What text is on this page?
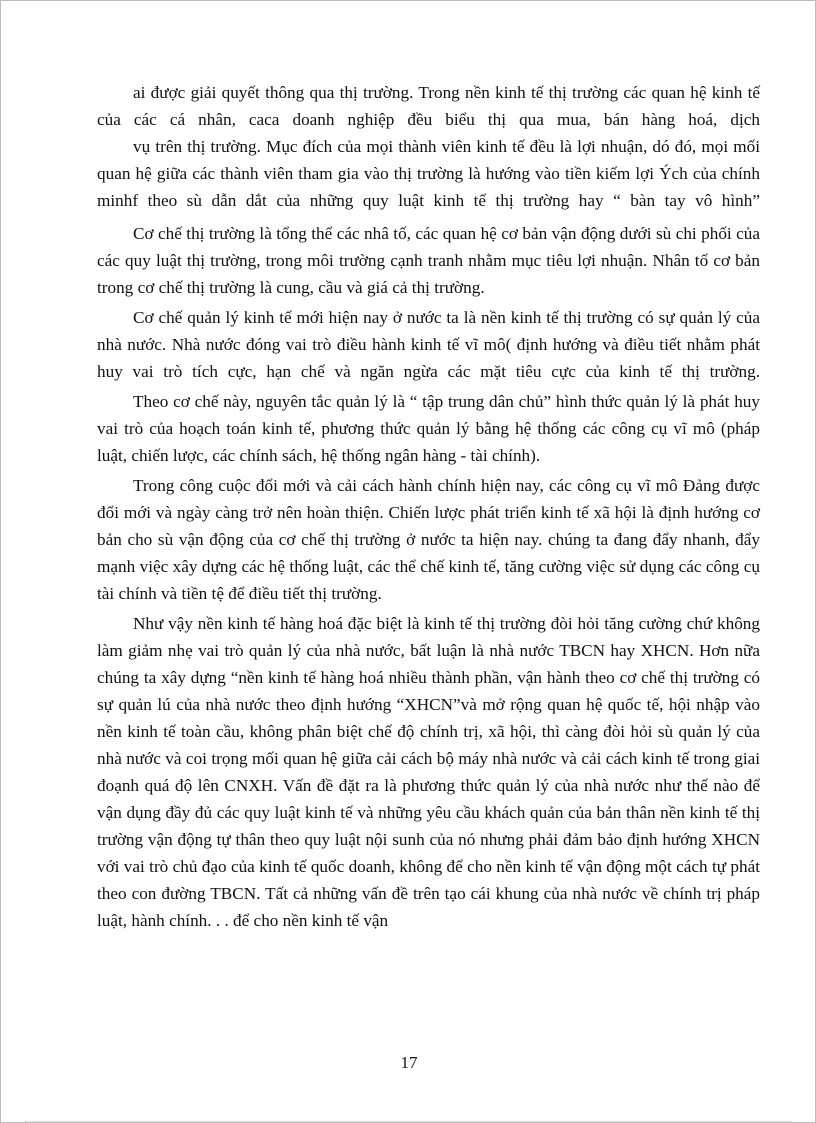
ai được giải quyết thông qua thị trường. Trong nền kinh tế thị trường các quan hệ kinh tế của các cá nhân, caca doanh nghiệp đều biểu thị qua mua, bán hàng hoá, dịch

vụ trên thị trường. Mục đích của mọi thành viên kinh tế đều là lợi nhuận, dó đó, mọi mối quan hệ giữa các thành viên tham gia vào thị trường là hướng vào tiền kiếm lợi Ých của chính minhf theo sù dẫn dắt của những quy luật kinh tế thị trường hay “ bàn tay vô hình”

Cơ chế thị trường là tổng thể các nhâ tố, các quan hệ cơ bản vận động dưới sù chi phối của các quy luật thị trường, trong môi trường cạnh tranh nhằm mục tiêu lợi nhuận. Nhân tố cơ bản trong cơ chế thị trường là cung, cầu và giá cả thị trường.

Cơ chế quản lý kinh tế mới hiện nay ở nước ta là nền kinh tế thị trường có sự quản lý của nhà nước. Nhà nước đóng vai trò điều hành kinh tế vĩ mô( định hướng và điều tiết nhằm phát huy vai trò tích cực, hạn chế và ngăn ngừa các mặt tiêu cực của kinh tế thị trường.

Theo cơ chế này, nguyên tắc quản lý là “ tập trung dân chủ” hình thức quản lý là phát huy vai trò của hoạch toán kinh tế, phương thức quản lý bằng hệ thống các công cụ vĩ mô (pháp luật, chiến lược, các chính sách, hệ thống ngân hàng - tài chính).

Trong công cuộc đổi mới và cải cách hành chính hiện nay, các công cụ vĩ mô Đảng được đổi mới và ngày càng trở nên hoàn thiện. Chiến lược phát triển kinh tế xã hội là định hướng cơ bản cho sù vận động của cơ chế thị trường ở nước ta hiện nay. chúng ta đang đẩy nhanh, đẩy mạnh việc xây dựng các hệ thống luật, các thể chế kinh tế, tăng cường việc sử dụng các công cụ tài chính và tiền tệ để điều tiết thị trường.

Như vậy nền kinh tế hàng hoá đặc biệt là kinh tế thị trường đòi hỏi tăng cường chứ không làm giảm nhẹ vai trò quản lý của nhà nước, bất luận là nhà nước TBCN hay XHCN. Hơn nữa chúng ta xây dựng “nền kinh tế hàng hoá nhiều thành phần, vận hành theo cơ chế thị trường có sự quản lú của nhà nước theo định hướng “XHCN”và mở rộng quan hệ quốc tế, hội nhập vào nền kinh tế toàn cầu, không phân biệt chế độ chính trị, xã hội, thì càng đòi hỏi sù quản lý của nhà nước và coi trọng mối quan hệ giữa cải cách bộ máy nhà nước và cải cách kinh tế trong giai đoạnh quá độ lên CNXH. Vấn đề đặt ra là phương thức quản lý của nhà nước như thế nào để vận dụng đầy đủ các quy luật kinh tế và những yêu cầu khách quản của bản thân nền kinh tế thị trường vận động tự thân theo quy luật nội sunh của nó nhưng phải đảm bảo định hướng XHCN với vai trò chủ đạo của kinh tế quốc doanh, không để cho nền kinh tế vận động một cách tự phát theo con đường TBCN. Tất cả những vấn đề trên tạo cái khung của nhà nước về chính trị pháp luật, hành chính. . . để cho nền kinh tế vận

17
